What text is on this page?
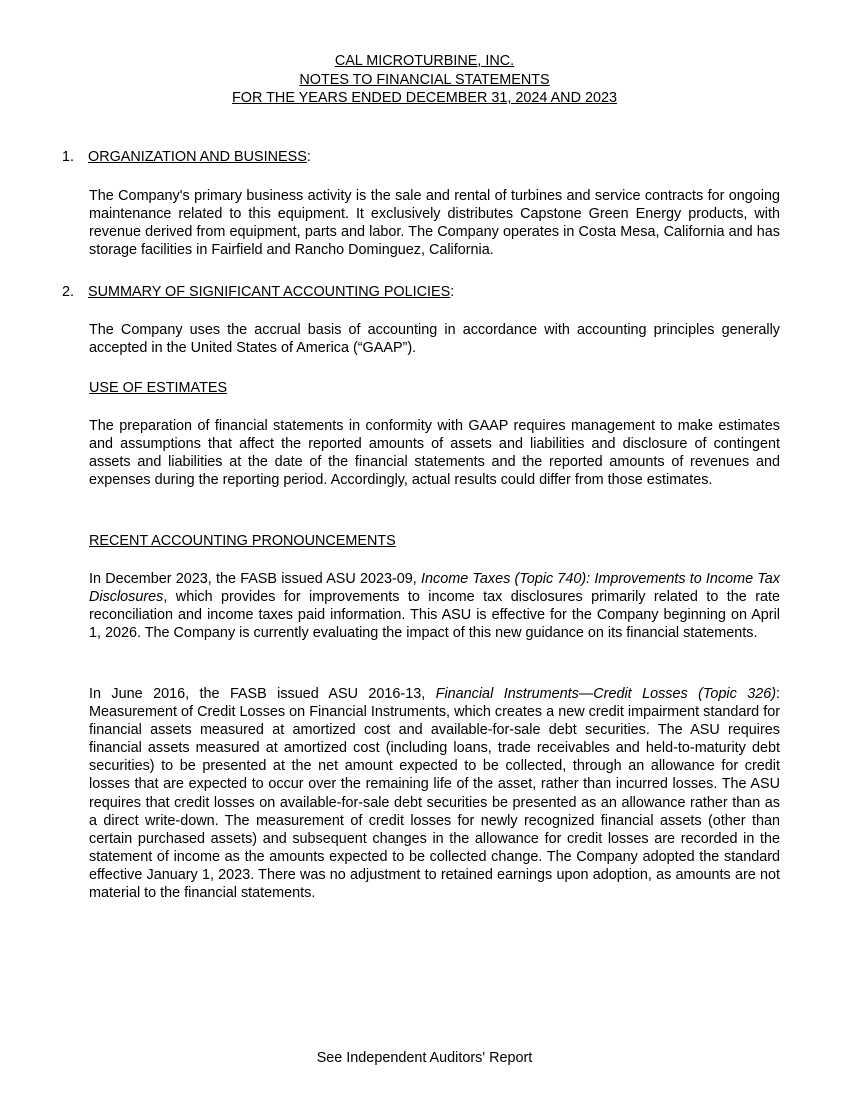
CAL MICROTURBINE, INC.
NOTES TO FINANCIAL STATEMENTS
FOR THE YEARS ENDED DECEMBER 31, 2024 AND 2023
1. ORGANIZATION AND BUSINESS:
The Company's primary business activity is the sale and rental of turbines and service contracts for ongoing maintenance related to this equipment. It exclusively distributes Capstone Green Energy products, with revenue derived from equipment, parts and labor. The Company operates in Costa Mesa, California and has storage facilities in Fairfield and Rancho Dominguez, California.
2. SUMMARY OF SIGNIFICANT ACCOUNTING POLICIES:
The Company uses the accrual basis of accounting in accordance with accounting principles generally accepted in the United States of America (“GAAP”).
USE OF ESTIMATES
The preparation of financial statements in conformity with GAAP requires management to make estimates and assumptions that affect the reported amounts of assets and liabilities and disclosure of contingent assets and liabilities at the date of the financial statements and the reported amounts of revenues and expenses during the reporting period. Accordingly, actual results could differ from those estimates.
RECENT ACCOUNTING PRONOUNCEMENTS
In December 2023, the FASB issued ASU 2023-09, Income Taxes (Topic 740): Improvements to Income Tax Disclosures, which provides for improvements to income tax disclosures primarily related to the rate reconciliation and income taxes paid information. This ASU is effective for the Company beginning on April 1, 2026. The Company is currently evaluating the impact of this new guidance on its financial statements.
In June 2016, the FASB issued ASU 2016-13, Financial Instruments—Credit Losses (Topic 326): Measurement of Credit Losses on Financial Instruments, which creates a new credit impairment standard for financial assets measured at amortized cost and available-for-sale debt securities. The ASU requires financial assets measured at amortized cost (including loans, trade receivables and held-to-maturity debt securities) to be presented at the net amount expected to be collected, through an allowance for credit losses that are expected to occur over the remaining life of the asset, rather than incurred losses. The ASU requires that credit losses on available-for-sale debt securities be presented as an allowance rather than as a direct write-down. The measurement of credit losses for newly recognized financial assets (other than certain purchased assets) and subsequent changes in the allowance for credit losses are recorded in the statement of income as the amounts expected to be collected change. The Company adopted the standard effective January 1, 2023. There was no adjustment to retained earnings upon adoption, as amounts are not material to the financial statements.
See Independent Auditors' Report
